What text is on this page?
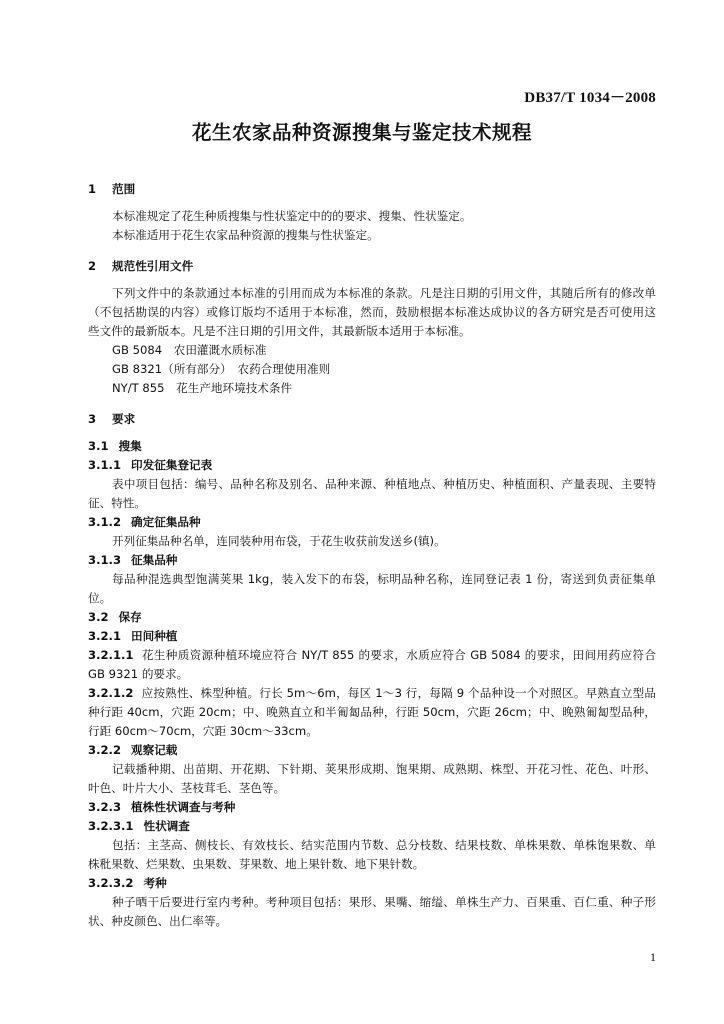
DB37/T 1034－2008
花生农家品种资源搜集与鉴定技术规程

1 范围

本标准规定了花生种质搜集与性状鉴定中的的要求、搜集、性状鉴定。

本标准适用于花生农家品种资源的搜集与性状鉴定。

2 规范性引用文件

下列文件中的条款通过本标准的引用而成为本标准的条款。凡是注日期的引用文件，其随后所有的修改单（不包括勘误的内容）或修订版均不适用于本标准，然而，鼓励根据本标准达成协议的各方研究是否可使用这些文件的最新版本。凡是不注日期的引用文件，其最新版本适用于本标准。

GB 5084　农田灌溉水质标准

GB 8321（所有部分）　农药合理使用准则

NY/T 855　花生产地环境技术条件

3 要求

3.1 搜集

3.1.1 印发征集登记表

表中项目包括：编号、品种名称及别名、品种来源、种植地点、种植历史、种植面积、产量表现、主要特征、特性。

3.1.2 确定征集品种

开列征集品种名单，连同装种用布袋，于花生收获前发送乡(镇)。

3.1.3 征集品种

每品种混选典型饱满荚果 1kg，装入发下的布袋，标明品种名称，连同登记表 1 份，寄送到负责征集单位。

3.2 保存

3.2.1 田间种植

3.2.1.1 花生种质资源种植环境应符合 NY/T 855 的要求，水质应符合 GB 5084 的要求，田间用药应符合 GB 9321 的要求。

3.2.1.2 应按熟性、株型种植。行长 5m～6m，每区 1～3 行，每隔 9 个品种设一个对照区。早熟直立型品种行距 40cm，穴距 20cm；中、晚熟直立和半匍匐品种，行距 50cm，穴距 26cm；中、晚熟匍匐型品种，行距 60cm～70cm，穴距 30cm～33cm。

3.2.2 观察记载

记载播种期、出苗期、开花期、下针期、荚果形成期、饱果期、成熟期、株型、开花习性、花色、叶形、叶色、叶片大小、茎枝茸毛、茎色等。

3.2.3 植株性状调查与考种

3.2.3.1 性状调查

包括：主茎高、侧枝长、有效枝长、结实范围内节数、总分枝数、结果枝数、单株果数、单株饱果数、单株秕果数、烂果数、虫果数、芽果数、地上果针数、地下果针数。

3.2.3.2 考种

种子晒干后要进行室内考种。考种项目包括：果形、果嘴、缩缢、单株生产力、百果重、百仁重、种子形状、种皮颜色、出仁率等。

1
